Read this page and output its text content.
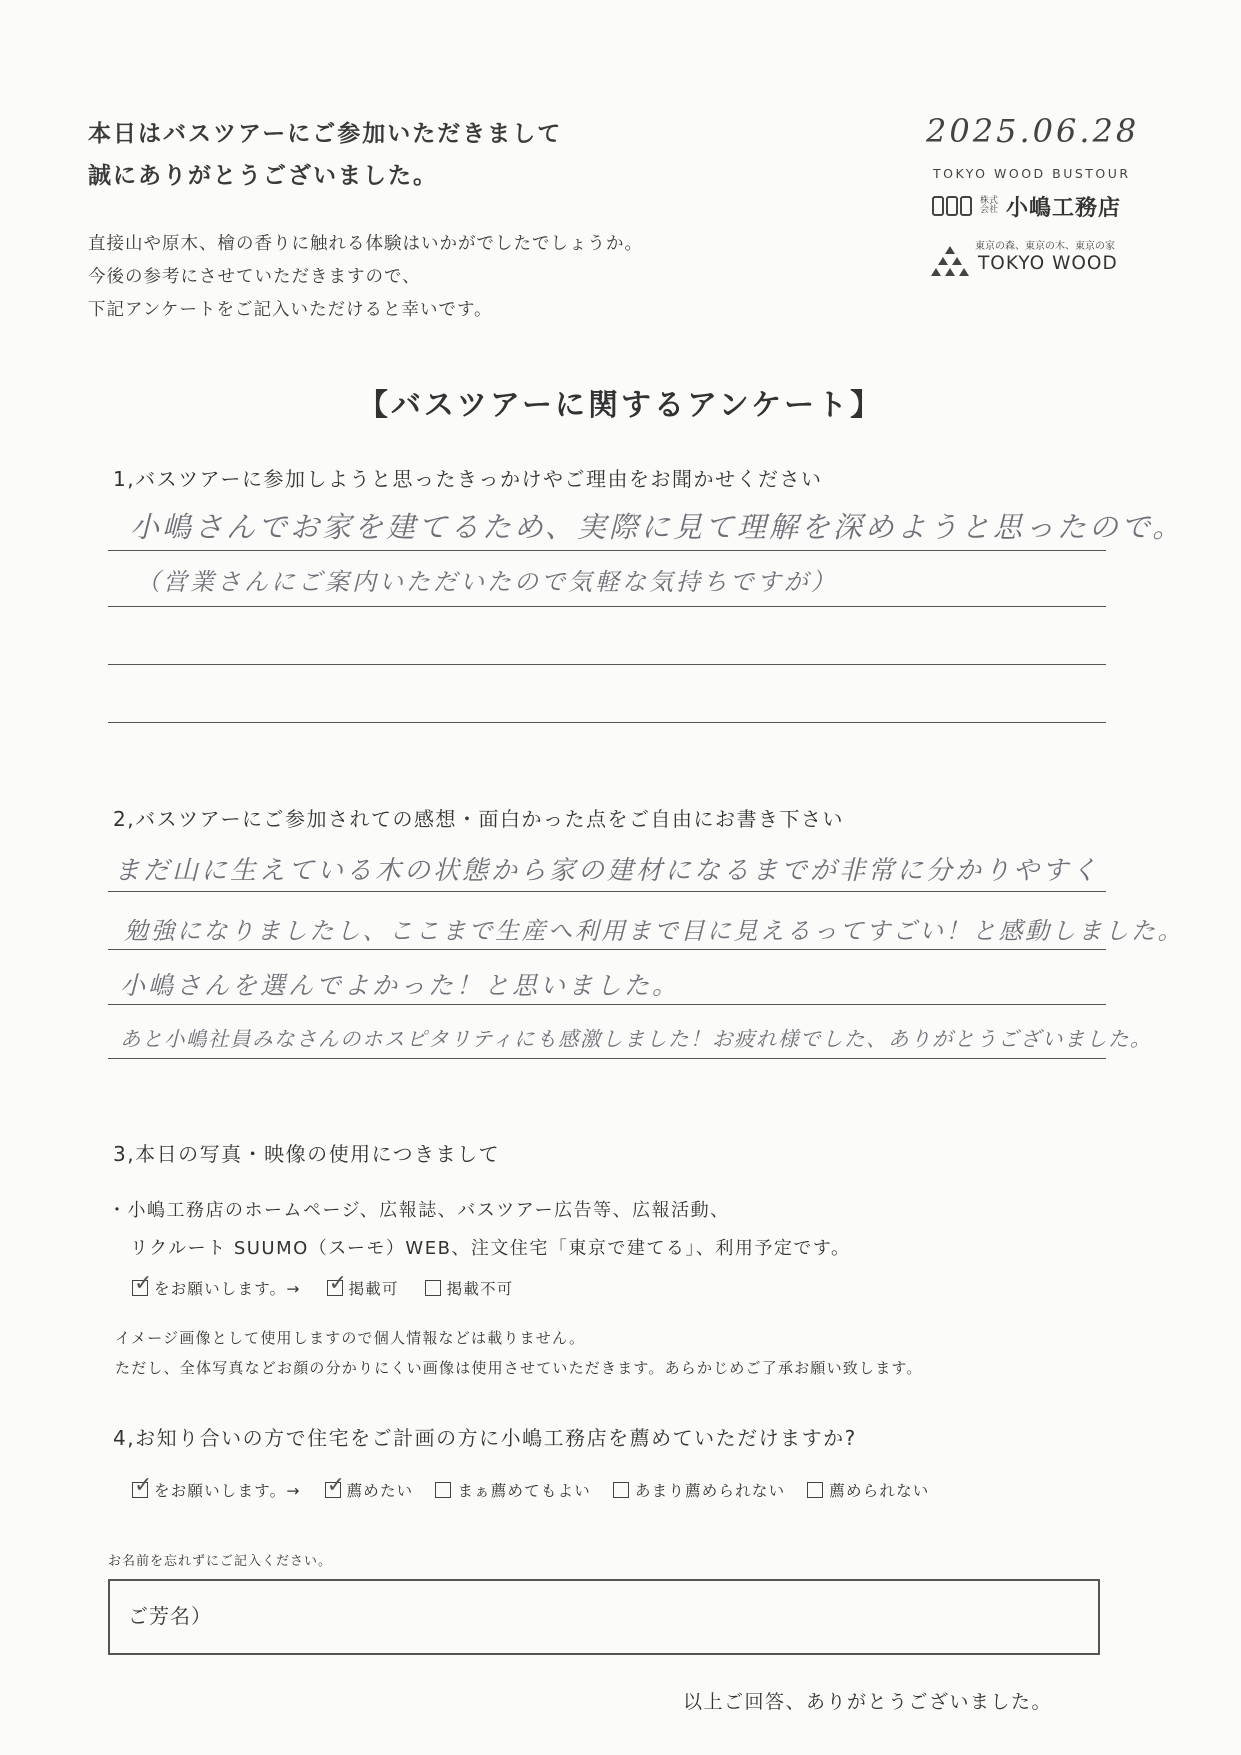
本日はバスツアーにご参加いただきまして
誠にありがとうございました。
直接山や原木、檜の香りに触れる体験はいかがでしたでしょうか。
今後の参考にさせていただきますので、
下記アンケートをご記入いただけると幸いです。
2025.06.28
TOKYO WOOD BUSTOUR
株式会社 小嶋工務店
東京の森、東京の木、東京の家
TOKYO WOOD
【バスツアーに関するアンケート】
1,バスツアーに参加しようと思ったきっかけやご理由をお聞かせください
小嶋さんでお家を建てるため、実際に見て理解を深めようと思ったので。
（営業さんにご案内いただいたので気軽な気持ちですが）
2,バスツアーにご参加されての感想・面白かった点をご自由にお書き下さい
まだ山に生えている木の状態から家の建材になるまでが非常に分かりやすく
勉強になりましたし、ここまで生産へ利用まで目に見えるってすごい！と感動しました。
小嶋さんを選んでよかった！と思いました。
あと小嶋社員みなさんのホスピタリティにも感激しました！お疲れ様でした、ありがとうございました。
3,本日の写真・映像の使用につきまして
・小嶋工務店のホームページ、広報誌、バスツアー広告等、広報活動、
リクルート SUUMO（スーモ）WEB、注文住宅「東京で建てる」、利用予定です。
✓
をお願いします。→ ✓	掲載可	掲載不可
イメージ画像として使用しますので個人情報などは載りません。
ただし、全体写真などお顔の分かりにくい画像は使用させていただきます。あらかじめご了承お願い致します。
4,お知り合いの方で住宅をご計画の方に小嶋工務店を薦めていただけますか?
✓
をお願いします。→ ✓	薦めたい	まぁ薦めてもよい	あまり薦められない	薦められない
お名前を忘れずにご記入ください。
ご芳名）
以上ご回答、ありがとうございました。
